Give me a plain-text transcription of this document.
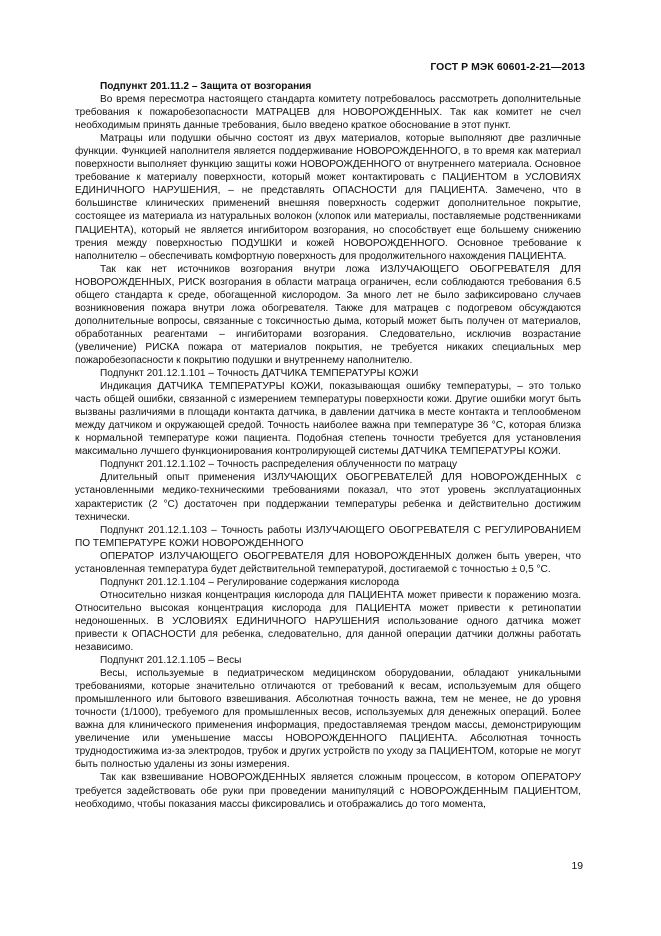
ГОСТ Р МЭК 60601-2-21—2013

Подпункт 201.11.2 – Защита от возгорания

Во время пересмотра настоящего стандарта комитету потребовалось рассмотреть дополнительные требования к пожаробезопасности МАТРАЦЕВ для НОВОРОЖДЕННЫХ. Так как комитет не счел необходимым принять данные требования, было введено краткое обоснование в этот пункт.

Матрацы или подушки обычно состоят из двух материалов, которые выполняют две различные функции. Функцией наполнителя является поддерживание НОВОРОЖДЕННОГО, в то время как материал поверхности выполняет функцию защиты кожи НОВОРОЖДЕННОГО от внутреннего материала. Основное требование к материалу поверхности, который может контактировать с ПАЦИЕНТОМ в УСЛОВИЯХ ЕДИНИЧНОГО НАРУШЕНИЯ, – не представлять ОПАСНОСТИ для ПАЦИЕНТА. Замечено, что в большинстве клинических применений внешняя поверхность содержит дополнительное покрытие, состоящее из материала из натуральных волокон (хлопок или материалы, поставляемые родственниками ПАЦИЕНТА), который не является ингибитором возгорания, но способствует еще большему снижению трения между поверхностью ПОДУШКИ и кожей НОВОРОЖДЕННОГО. Основное требование к наполнителю – обеспечивать комфортную поверхность для продолжительного нахождения ПАЦИЕНТА.

Так как нет источников возгорания внутри ложа ИЗЛУЧАЮЩЕГО ОБОГРЕВАТЕЛЯ ДЛЯ НОВОРОЖДЕННЫХ, РИСК возгорания в области матраца ограничен, если соблюдаются требования 6.5 общего стандарта к среде, обогащенной кислородом. За много лет не было зафиксировано случаев возникновения пожара внутри ложа обогревателя. Также для матрацев с подогревом обсуждаются дополнительные вопросы, связанные с токсичностью дыма, который может быть получен от материалов, обработанных реагентами – ингибиторами возгорания. Следовательно, исключив возрастание (увеличение) РИСКА пожара от материалов покрытия, не требуется никаких специальных мер пожаробезопасности к покрытию подушки и внутреннему наполнителю.

Подпункт 201.12.1.101 – Точность ДАТЧИКА ТЕМПЕРАТУРЫ КОЖИ

Индикация ДАТЧИКА ТЕМПЕРАТУРЫ КОЖИ, показывающая ошибку температуры, – это только часть общей ошибки, связанной с измерением температуры поверхности кожи. Другие ошибки могут быть вызваны различиями в площади контакта датчика, в давлении датчика в месте контакта и теплообменом между датчиком и окружающей средой. Точность наиболее важна при температуре 36 °С, которая близка к нормальной температуре кожи пациента. Подобная степень точности требуется для установления максимально лучшего функционирования контролирующей системы ДАТЧИКА ТЕМПЕРАТУРЫ КОЖИ.

Подпункт 201.12.1.102 – Точность распределения облученности по матрацу

Длительный опыт применения ИЗЛУЧАЮЩИХ ОБОГРЕВАТЕЛЕЙ ДЛЯ НОВОРОЖДЕННЫХ с установленными медико-техническими требованиями показал, что этот уровень эксплуатационных характеристик (2 °С) достаточен при поддержании температуры ребенка и действительно достижим технически.

Подпункт 201.12.1.103 – Точность работы ИЗЛУЧАЮЩЕГО ОБОГРЕВАТЕЛЯ С РЕГУЛИРОВАНИЕМ ПО ТЕМПЕРАТУРЕ КОЖИ НОВОРОЖДЕННОГО

ОПЕРАТОР ИЗЛУЧАЮЩЕГО ОБОГРЕВАТЕЛЯ ДЛЯ НОВОРОЖДЕННЫХ должен быть уверен, что установленная температура будет действительной температурой, достигаемой с точностью ± 0,5 °С.

Подпункт 201.12.1.104 – Регулирование содержания кислорода

Относительно низкая концентрация кислорода для ПАЦИЕНТА может привести к поражению мозга. Относительно высокая концентрация кислорода для ПАЦИЕНТА может привести к ретинопатии недоношенных. В УСЛОВИЯХ ЕДИНИЧНОГО НАРУШЕНИЯ использование одного датчика может привести к ОПАСНОСТИ для ребенка, следовательно, для данной операции датчики должны работать независимо.

Подпункт 201.12.1.105 – Весы

Весы, используемые в педиатрическом медицинском оборудовании, обладают уникальными требованиями, которые значительно отличаются от требований к весам, используемым для общего промышленного или бытового взвешивания. Абсолютная точность важна, тем не менее, не до уровня точности (1/1000), требуемого для промышленных весов, используемых для денежных операций. Более важна для клинического применения информация, предоставляемая трендом массы, демонстрирующим увеличение или уменьшение массы НОВОРОЖДЕННОГО ПАЦИЕНТА. Абсолютная точность труднодостижима из-за электродов, трубок и других устройств по уходу за ПАЦИЕНТОМ, которые не могут быть полностью удалены из зоны измерения.

Так как взвешивание НОВОРОЖДЕННЫХ является сложным процессом, в котором ОПЕРАТОРУ требуется задействовать обе руки при проведении манипуляций с НОВОРОЖДЕННЫМ ПАЦИЕНТОМ, необходимо, чтобы показания массы фиксировались и отображались до того момента,

19
